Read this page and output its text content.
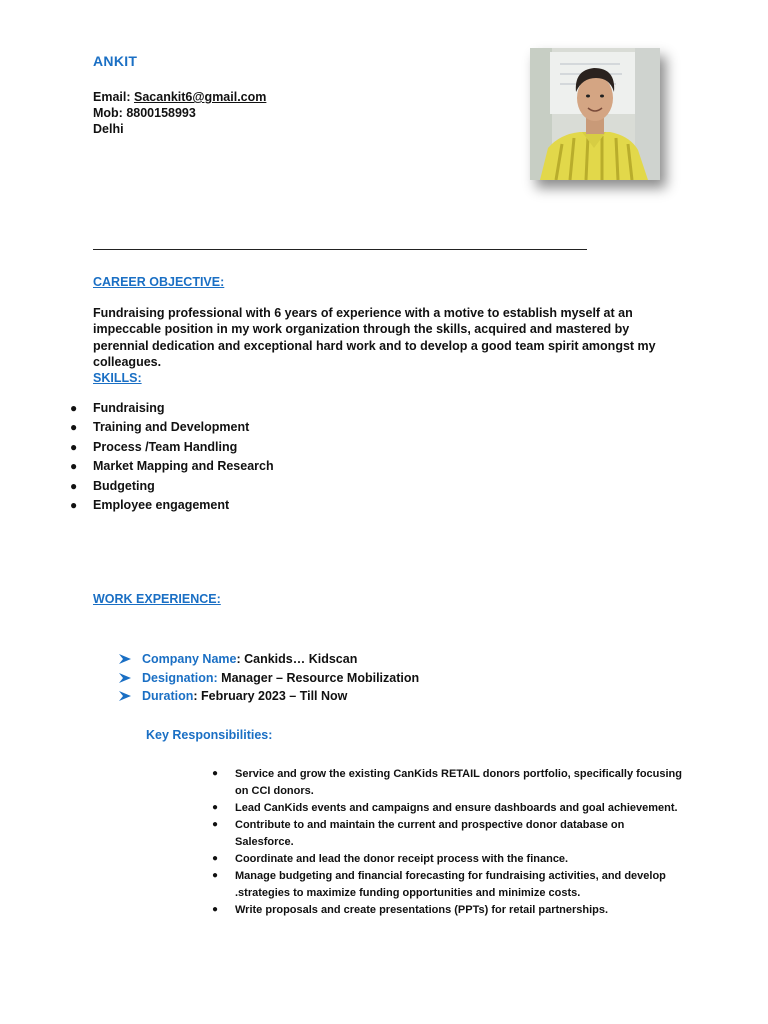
ANKIT
Email: Sacankit6@gmail.com
Mob: 8800158993
Delhi
CAREER OBJECTIVE:
Fundraising professional with 6 years of experience with a motive to establish myself at an impeccable position in my work organization through the skills, acquired and mastered by perennial dedication and exceptional hard work and to develop a good team spirit amongst my colleagues.
SKILLS:
● Fundraising
● Training and Development
● Process /Team Handling
● Market Mapping and Research
● Budgeting
● Employee engagement
WORK EXPERIENCE:
Company Name: Cankids… Kidscan
Designation: Manager – Resource Mobilization
Duration: February 2023 – Till Now
Key Responsibilities:
● Service and grow the existing CanKids RETAIL donors portfolio, specifically focusing on CCI donors.
● Lead CanKids events and campaigns and ensure dashboards and goal achievement.
● Contribute to and maintain the current and prospective donor database on Salesforce.
● Coordinate and lead the donor receipt process with the finance.
● Manage budgeting and financial forecasting for fundraising activities, and develop .strategies to maximize funding opportunities and minimize costs.
● Write proposals and create presentations (PPTs) for retail partnerships.
